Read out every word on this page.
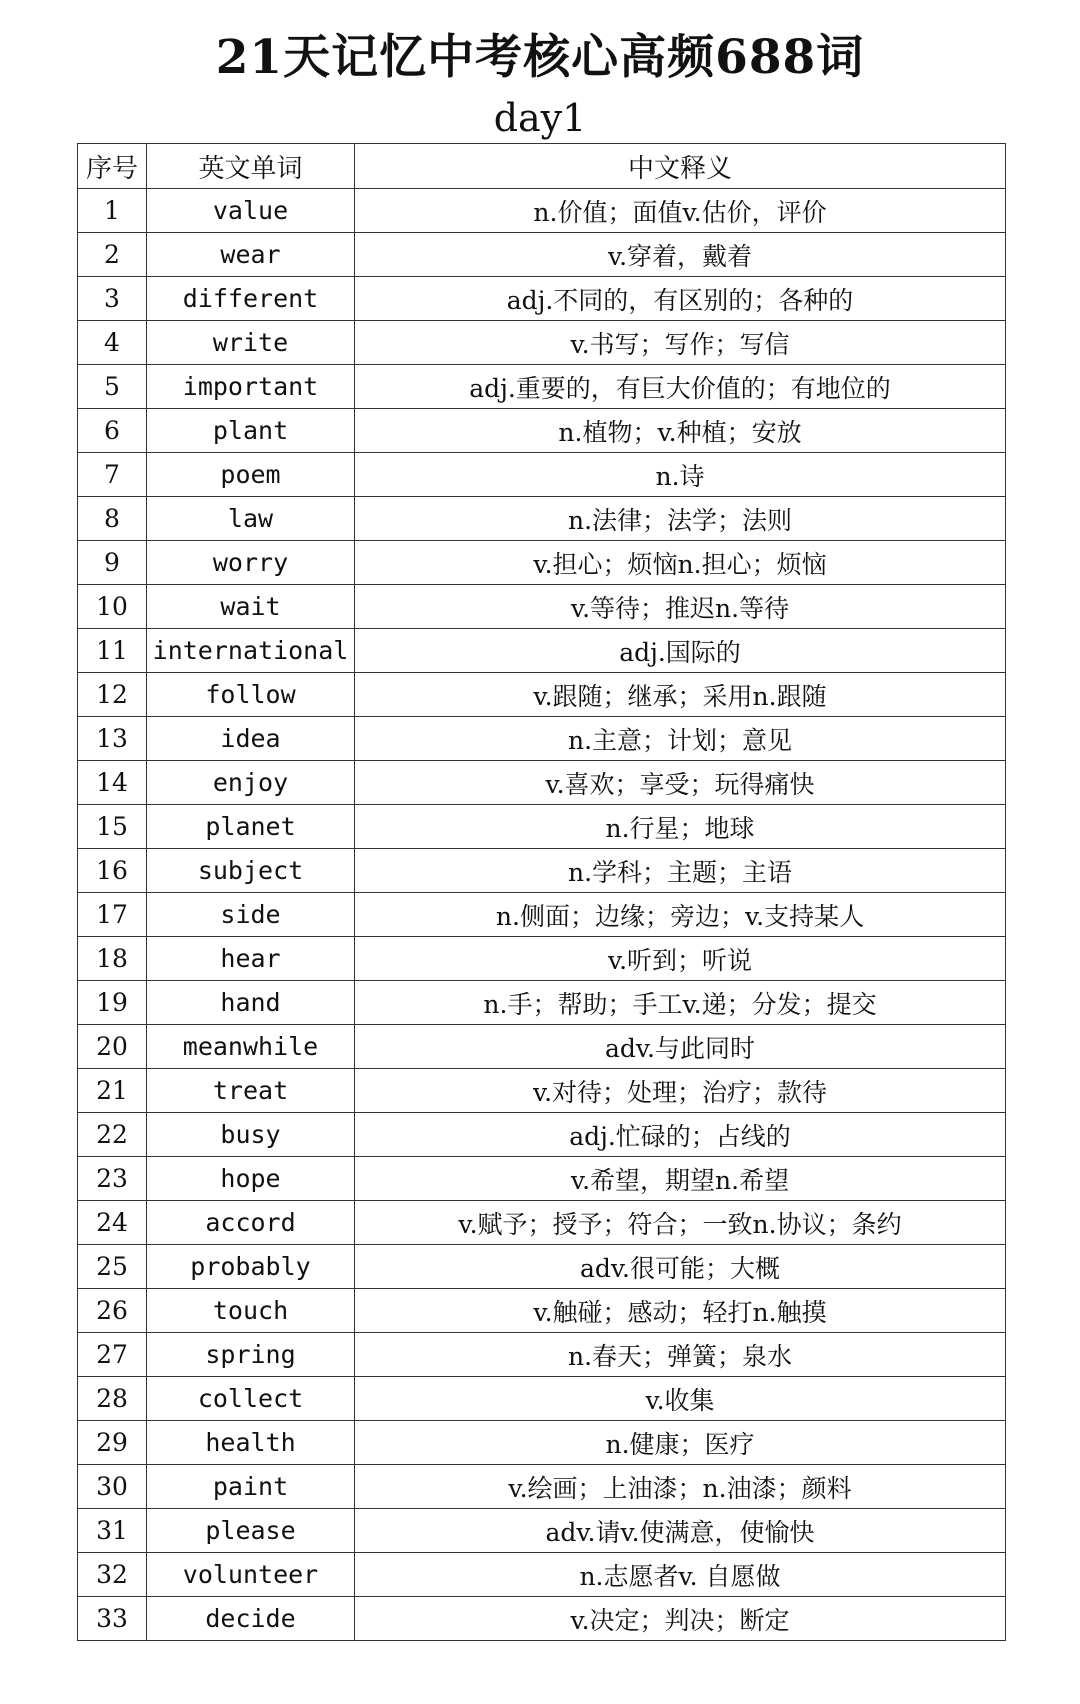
21天记忆中考核心高频688词
day1
序号	英文单词	中文释义
1	value	n.价值；面值v.估价，评价
2	wear	v.穿着，戴着
3	different	adj.不同的，有区别的；各种的
4	write	v.书写；写作；写信
5	important	adj.重要的，有巨大价值的；有地位的
6	plant	n.植物；v.种植；安放
7	poem	n.诗
8	law	n.法律；法学；法则
9	worry	v.担心；烦恼n.担心；烦恼
10	wait	v.等待；推迟n.等待
11	international	adj.国际的
12	follow	v.跟随；继承；采用n.跟随
13	idea	n.主意；计划；意见
14	enjoy	v.喜欢；享受；玩得痛快
15	planet	n.行星；地球
16	subject	n.学科；主题；主语
17	side	n.侧面；边缘；旁边；v.支持某人
18	hear	v.听到；听说
19	hand	n.手；帮助；手工v.递；分发；提交
20	meanwhile	adv.与此同时
21	treat	v.对待；处理；治疗；款待
22	busy	adj.忙碌的；占线的
23	hope	v.希望，期望n.希望
24	accord	v.赋予；授予；符合；一致n.协议；条约
25	probably	adv.很可能；大概
26	touch	v.触碰；感动；轻打n.触摸
27	spring	n.春天；弹簧；泉水
28	collect	v.收集
29	health	n.健康；医疗
30	paint	v.绘画；上油漆；n.油漆；颜料
31	please	adv.请v.使满意，使愉快
32	volunteer	n.志愿者v. 自愿做
33	decide	v.决定；判决；断定
